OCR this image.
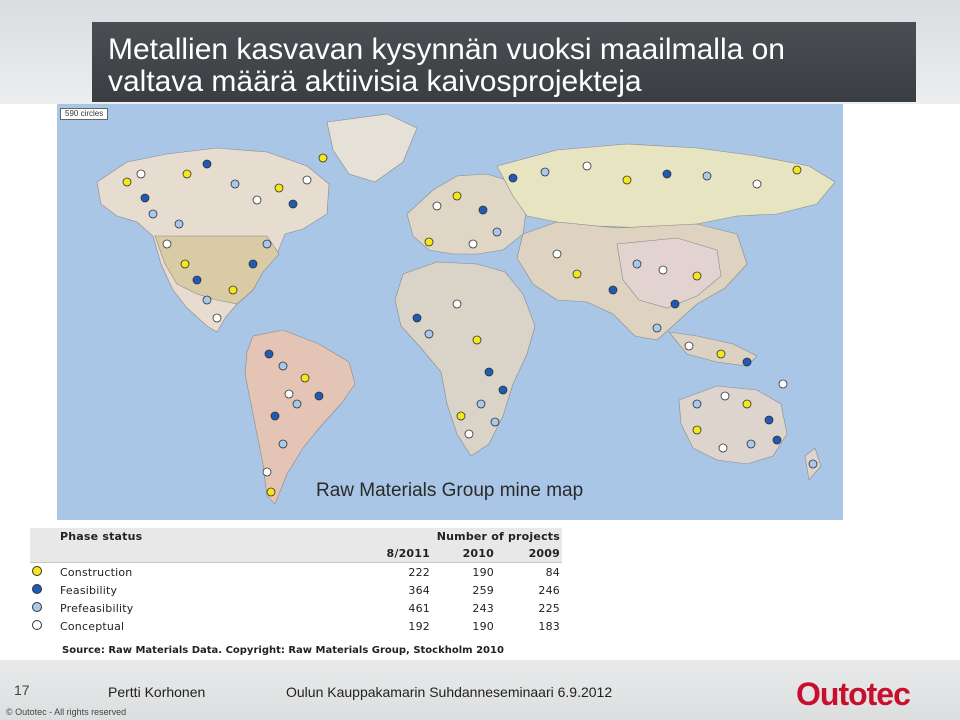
Metallien kasvavan kysynnän vuoksi maailmalla on
valtava määrä aktiivisia kaivosprojekteja
590 circles
Raw Materials Group mine map
Phase status	Number of projects
8/2011	2010	2009
Construction	222	190	84
Feasibility	364	259	246
Prefeasibility	461	243	225
Conceptual	192	190	183
Source: Raw Materials Data. Copyright: Raw Materials Group, Stockholm 2010
17	Pertti Korhonen	Oulun Kauppakamarin Suhdanneseminaari 6.9.2012	Outotec
© Outotec - All rights reserved
